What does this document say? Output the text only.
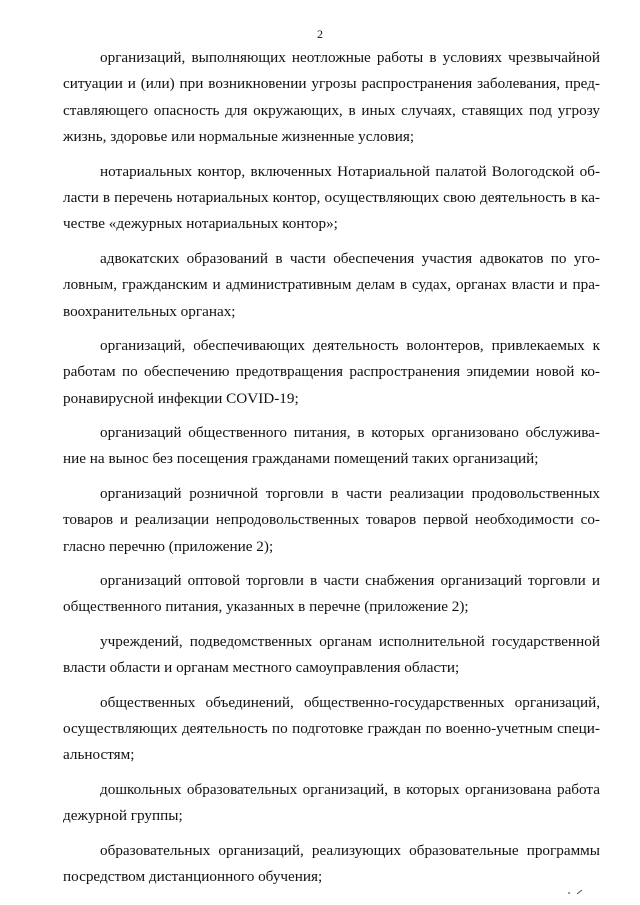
2

организаций, выполняющих неотложные работы в условиях чрезвычайной
ситуации и (или) при возникновении угрозы распространения заболевания, пред-
ставляющего опасность для окружающих, в иных случаях, ставящих под угрозу
жизнь, здоровье или нормальные жизненные условия;

нотариальных контор, включенных Нотариальной палатой Вологодской об-
ласти в перечень нотариальных контор, осуществляющих свою деятельность в ка-
честве «дежурных нотариальных контор»;

адвокатских образований в части обеспечения участия адвокатов по уго-
ловным, гражданским и административным делам в судах, органах власти и пра-
воохранительных органах;

организаций, обеспечивающих деятельность волонтеров, привлекаемых к
работам по обеспечению предотвращения распространения эпидемии новой ко-
ронавирусной инфекции COVID-19;

организаций общественного питания, в которых организовано обслужива-
ние на вынос без посещения гражданами помещений таких организаций;

организаций розничной торговли в части реализации продовольственных
товаров и реализации непродовольственных товаров первой необходимости со-
гласно перечню (приложение 2);

организаций оптовой торговли в части снабжения организаций торговли и
общественного питания, указанных в перечне (приложение 2);

учреждений, подведомственных органам исполнительной государственной
власти области и органам местного самоуправления области;

общественных объединений, общественно-государственных организаций,
осуществляющих деятельность по подготовке граждан по военно-учетным специ-
альностям;

дошкольных образовательных организаций, в которых организована работа
дежурной группы;

образовательных организаций, реализующих образовательные программы
посредством дистанционного обучения;
